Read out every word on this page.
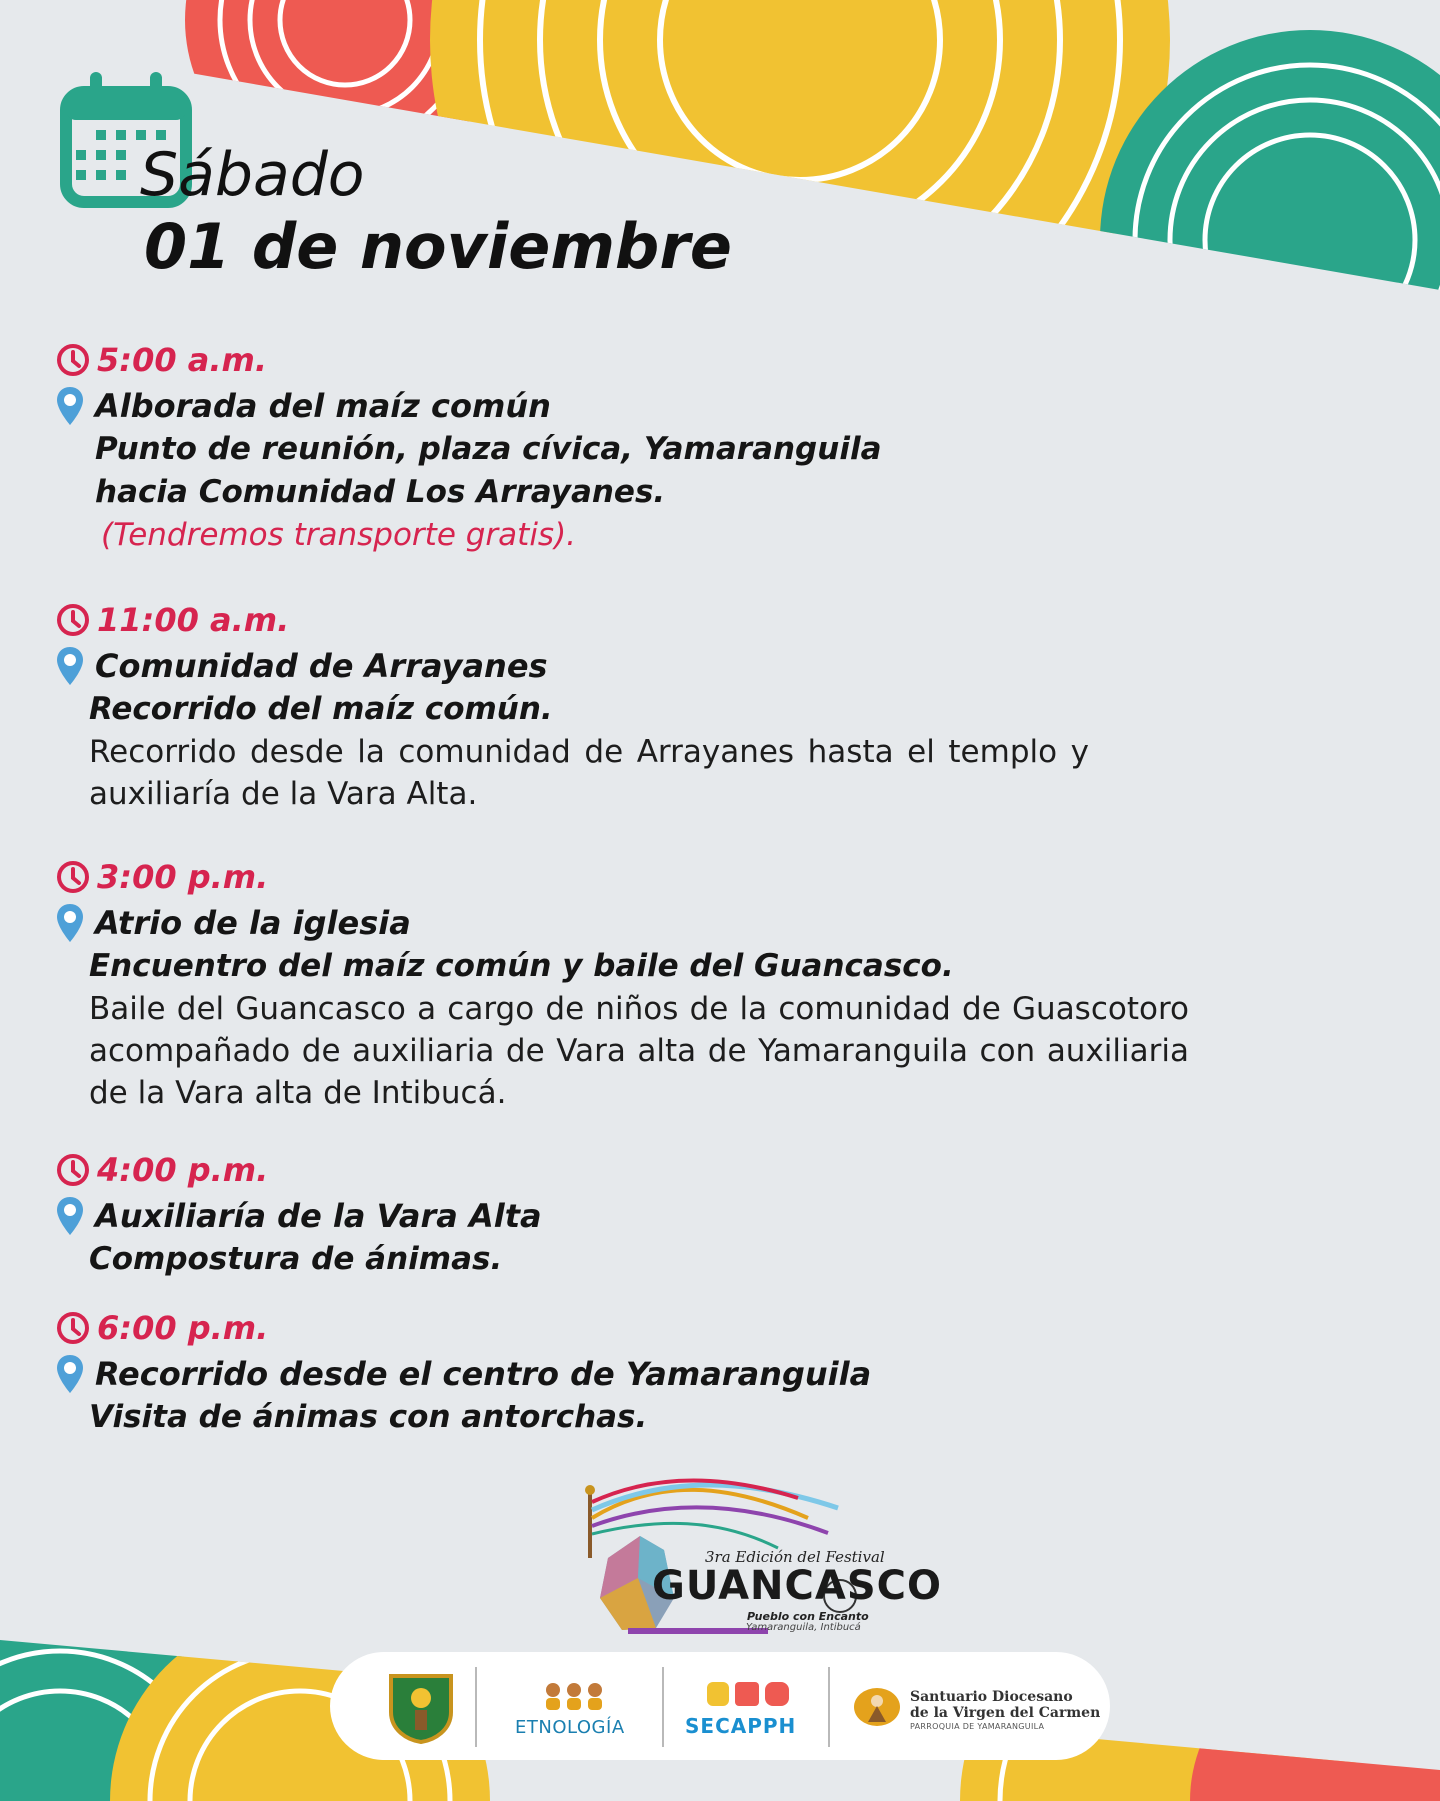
Sábado
01 de noviembre
5:00 a.m.
Alborada del maíz común
Punto de reunión, plaza cívica, Yamaranguila
hacia Comunidad Los Arrayanes.
(Tendremos transporte gratis).
11:00 a.m.
Comunidad de Arrayanes
Recorrido del maíz común.
Recorrido desde la comunidad de Arrayanes hasta el templo y auxiliaría de la Vara Alta.
3:00 p.m.
Atrio de la iglesia
Encuentro del maíz común y baile del Guancasco.
Baile del Guancasco a cargo de niños de la comunidad de Guascotoro acompañado de auxiliaria de Vara alta de Yamaranguila con auxiliaria de la Vara alta de Intibucá.
4:00 p.m.
Auxiliaría de la Vara Alta
Compostura de ánimas.
6:00 p.m.
Recorrido desde el centro de Yamaranguila
Visita de ánimas con antorchas.
3ra Edición del Festival
GUANCASCO
Pueblo con Encanto
Yamaranguila, Intibucá
ETNOLOGÍA	SECAPPH
Santuario Diocesano
de la Virgen del Carmen
PARROQUIA DE YAMARANGUILA
